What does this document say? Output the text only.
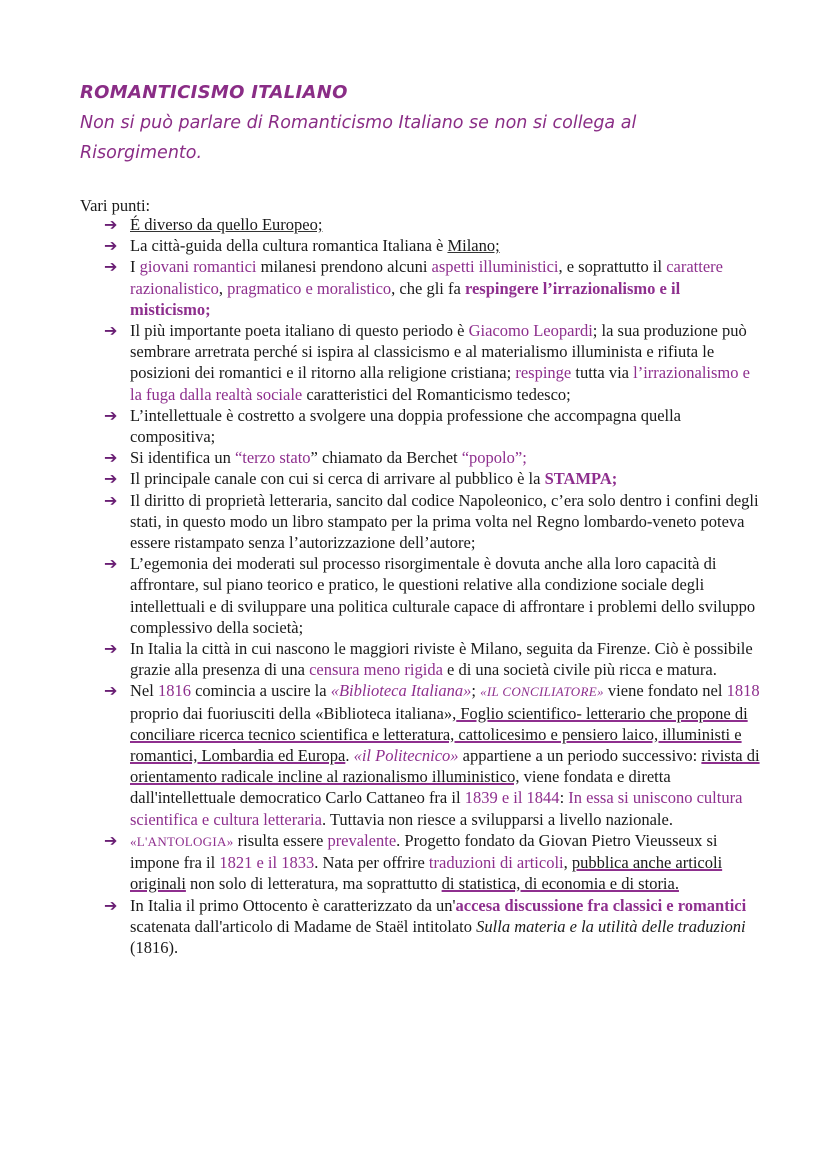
ROMANTICISMO ITALIANO

Non si può parlare di Romanticismo Italiano se non si collega al Risorgimento.

Vari punti:

➔ É diverso da quello Europeo;
➔ La città-guida della cultura romantica Italiana è Milano;
➔ I giovani romantici milanesi prendono alcuni aspetti illuministici, e soprattutto il carattere razionalistico, pragmatico e moralistico, che gli fa respingere l’irrazionalismo e il misticismo;
➔ Il più importante poeta italiano di questo periodo è Giacomo Leopardi; la sua produzione può sembrare arretrata perché si ispira al classicismo e al materialismo illuminista e rifiuta le posizioni dei romantici e il ritorno alla religione cristiana; respinge tutta via l’irrazionalismo e la fuga dalla realtà sociale caratteristici del Romanticismo tedesco;
➔ L’intellettuale è costretto a svolgere una doppia professione che accompagna quella compositiva;
➔ Si identifica un “terzo stato” chiamato da Berchet “popolo”;
➔ Il principale canale con cui si cerca di arrivare al pubblico è la STAMPA;
➔ Il diritto di proprietà letteraria, sancito dal codice Napoleonico, c’era solo dentro i confini degli stati, in questo modo un libro stampato per la prima volta nel Regno lombardo-veneto poteva essere ristampato senza l’autorizzazione dell’autore;
➔ L’egemonia dei moderati sul processo risorgimentale è dovuta anche alla loro capacità di affrontare, sul piano teorico e pratico, le questioni relative alla condizione sociale degli intellettuali e di sviluppare una politica culturale capace di affrontare i problemi dello sviluppo complessivo della società;
➔ In Italia la città in cui nascono le maggiori riviste è Milano, seguita da Firenze. Ciò è possibile grazie alla presenza di una censura meno rigida e di una società civile più ricca e matura.
➔ Nel 1816 comincia a uscire la «Biblioteca Italiana»; «IL CONCILIATORE» viene fondato nel 1818 proprio dai fuoriusciti della «Biblioteca italiana», Foglio scientifico- letterario che propone di conciliare ricerca tecnico scientifica e letteratura, cattolicesimo e pensiero laico, illuministi e romantici, Lombardia ed Europa. «il Politecnico» appartiene a un periodo successivo: rivista di orientamento radicale incline al razionalismo illuministico, viene fondata e diretta dall'intellettuale democratico Carlo Cattaneo fra il 1839 e il 1844: In essa si uniscono cultura scientifica e cultura letteraria. Tuttavia non riesce a svilupparsi a livello nazionale.
➔ «L'ANTOLOGIA» risulta essere prevalente. Progetto fondato da Giovan Pietro Vieusseux si impone fra il 1821 e il 1833. Nata per offrire traduzioni di articoli, pubblica anche articoli originali non solo di letteratura, ma soprattutto di statistica, di economia e di storia.
➔ In Italia il primo Ottocento è caratterizzato da un'accesa discussione fra classici e romantici scatenata dall'articolo di Madame de Staël intitolato Sulla materia e la utilità delle traduzioni (1816).
